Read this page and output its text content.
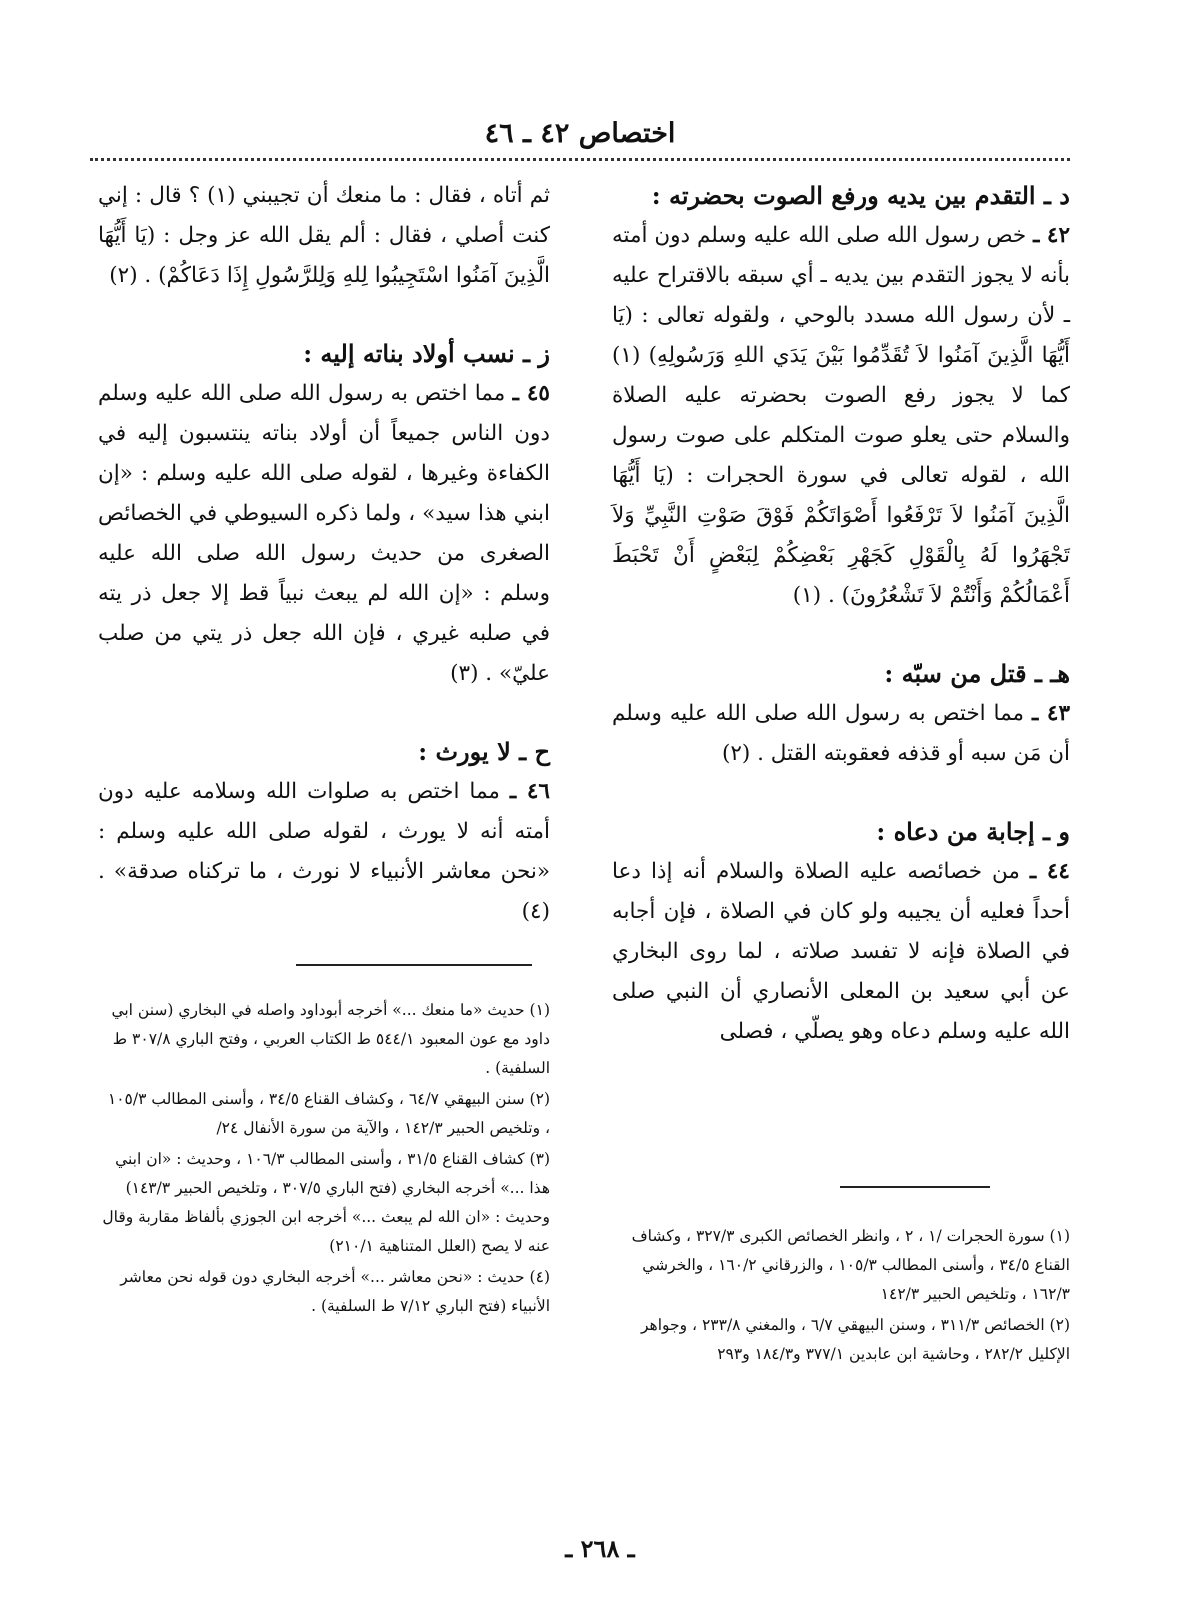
اختصاص ٤٢ ـ ٤٦

د ـ التقدم بين يديه ورفع الصوت بحضرته :

٤٢ ـ خص رسول الله صلى الله عليه وسلم دون أمته بأنه لا يجوز التقدم بين يديه ـ أي سبقه بالاقتراح عليه ـ لأن رسول الله مسدد بالوحي ، ولقوله تعالى : (يَا أَيُّهَا الَّذِينَ آمَنُوا لاَ تُقَدِّمُوا بَيْنَ يَدَي اللهِ وَرَسُولِهِ) (١) كما لا يجوز رفع الصوت بحضرته عليه الصلاة والسلام حتى يعلو صوت المتكلم على صوت رسول الله ، لقوله تعالى في سورة الحجرات : (يَا أَيُّهَا الَّذِينَ آمَنُوا لاَ تَرْفَعُوا أَصْوَاتَكُمْ فَوْقَ صَوْتِ النَّبِيِّ وَلاَ تَجْهَرُوا لَهُ بِالْقَوْلِ كَجَهْرِ بَعْضِكُمْ لِبَعْضٍ أَنْ تَحْبَطَ أَعْمَالُكُمْ وَأَنْتُمْ لاَ تَشْعُرُونَ) . (١)

هـ ـ قتل من سبّه :

٤٣ ـ مما اختص به رسول الله صلى الله عليه وسلم أن مَن سبه أو قذفه فعقوبته القتل . (٢)

و ـ إجابة من دعاه :

٤٤ ـ من خصائصه عليه الصلاة والسلام أنه إذا دعا أحداً فعليه أن يجيبه ولو كان في الصلاة ، فإن أجابه في الصلاة فإنه لا تفسد صلاته ، لما روى البخاري عن أبي سعيد بن المعلى الأنصاري أن النبي صلى الله عليه وسلم دعاه وهو يصلّي ، فصلى

(١) سورة الحجرات /١ ، ٢ ، وانظر الخصائص الكبرى ٣٢٧/٣ ، وكشاف القناع ٣٤/٥ ، وأسنى المطالب ١٠٥/٣ ، والزرقاني ١٦٠/٢ ، والخرشي ١٦٢/٣ ، وتلخيص الحبير ١٤٢/٣

(٢) الخصائص ٣١١/٣ ، وسنن البيهقي ٦/٧ ، والمغني ٢٣٣/٨ ، وجواهر الإكليل ٢٨٢/٢ ، وحاشية ابن عابدين ٣٧٧/١ و١٨٤/٣ و٢٩٣

ثم أتاه ، فقال : ما منعك أن تجيبني (١) ؟ قال : إني كنت أصلي ، فقال : ألم يقل الله عز وجل : (يَا أَيُّهَا الَّذِينَ آمَنُوا اسْتَجِيبُوا لِلهِ وَلِلرَّسُولِ إِذَا دَعَاكُمْ) . (٢)

ز ـ نسب أولاد بناته إليه :

٤٥ ـ مما اختص به رسول الله صلى الله عليه وسلم دون الناس جميعاً أن أولاد بناته ينتسبون إليه في الكفاءة وغيرها ، لقوله صلى الله عليه وسلم : «إن ابني هذا سيد» ، ولما ذكره السيوطي في الخصائص الصغرى من حديث رسول الله صلى الله عليه وسلم : «إن الله لم يبعث نبياً قط إلا جعل ذر يته في صلبه غيري ، فإن الله جعل ذر يتي من صلب عليّ» . (٣)

ح ـ لا يورث :

٤٦ ـ مما اختص به صلوات الله وسلامه عليه دون أمته أنه لا يورث ، لقوله صلى الله عليه وسلم : «نحن معاشر الأنبياء لا نورث ، ما تركناه صدقة» . (٤)

(١) حديث «ما منعك ...» أخرجه أبوداود واصله في البخاري (سنن ابي داود مع عون المعبود ٥٤٤/١ ط الكتاب العربي ، وفتح الباري ٣٠٧/٨ ط السلفية) .

(٢) سنن البيهقي ٦٤/٧ ، وكشاف القناع ٣٤/٥ ، وأسنى المطالب ١٠٥/٣ ، وتلخيص الحبير ١٤٢/٣ ، والآية من سورة الأنفال ٢٤/

(٣) كشاف القناع ٣١/٥ ، وأسنى المطالب ١٠٦/٣ ، وحديث : «ان ابني هذا ...» أخرجه البخاري (فتح الباري ٣٠٧/٥ ، وتلخيص الحبير ١٤٣/٣) وحديث : «ان الله لم يبعث ...» أخرجه ابن الجوزي بألفاظ مقاربة وقال عنه لا يصح (العلل المتناهية ٢١٠/١)

(٤) حديث : «نحن معاشر ...» أخرجه البخاري دون قوله نحن معاشر الأنبياء (فتح الباري ٧/١٢ ط السلفية) .

ـ ٢٦٨ ـ
